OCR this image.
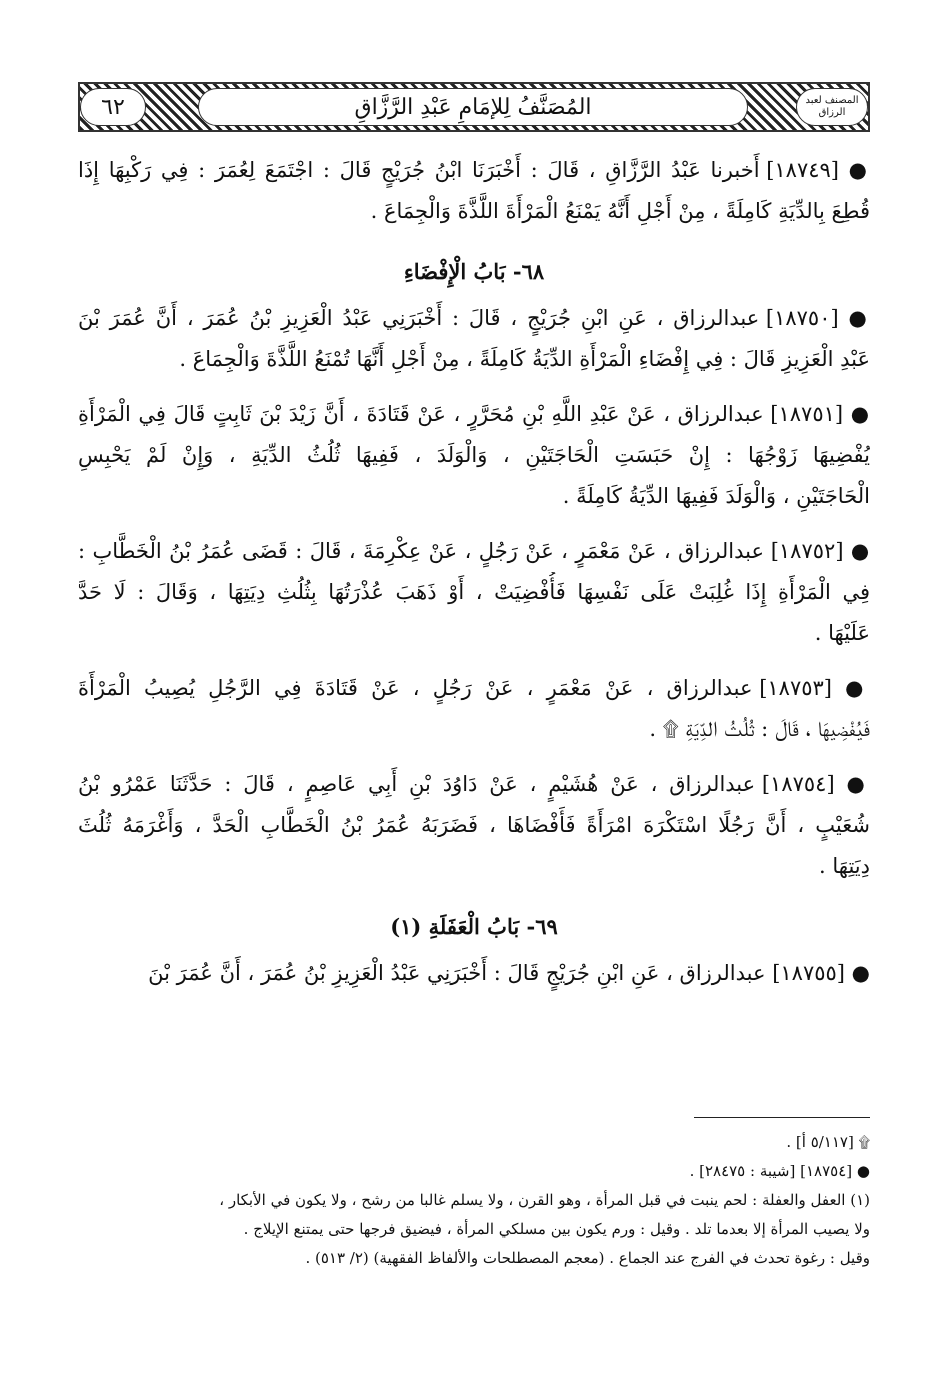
٦٢	المُصَنَّفُ لِلإمَامِ عَبْدِ الرَّزَّاقِ	المصنف لعبد الرزاق
● [١٨٧٤٩] أَخبرنا عَبْدُ الرَّزَّاقِ ، قَالَ : أَخْبَرَنَا ابْنُ جُرَيْجٍ قَالَ : اجْتَمَعَ لِعُمَرَ : فِي رَكْبِهَا إِذَا
قُطِعَ بِالدِّيَةِ كَامِلَةً ، مِنْ أَجْلِ أَنَّهُ يَمْنَعُ الْمَرْأَةَ اللَّذَّةَ وَالْجِمَاعَ .
٦٨- بَابُ الْإِفْضَاءِ
● [١٨٧٥٠] عبدالرزاق ، عَنِ ابْنِ جُرَيْجٍ ، قَالَ : أَخْبَرَنِي عَبْدُ الْعَزِيزِ بْنُ عُمَرَ ، أَنَّ عُمَرَ بْنَ
عَبْدِ الْعَزِيزِ قَالَ : فِي إِفْضَاءِ الْمَرْأَةِ الدِّيَةُ كَامِلَةً ، مِنْ أَجْلِ أَنَّهَا تُمْنَعُ اللَّذَّةَ وَالْجِمَاعَ .
● [١٨٧٥١] عبدالرزاق ، عَنْ عَبْدِ اللَّهِ بْنِ مُحَرَّرٍ ، عَنْ قَتَادَةَ ، أَنَّ زَيْدَ بْنَ ثَابِتٍ قَالَ فِي الْمَرْأَةِ
يُفْضِيهَا زَوْجُهَا : إِنْ حَبَسَتِ الْحَاجَتَيْنِ ، وَالْوَلَدَ ، فَفِيهَا ثُلُثُ الدِّيَةِ ، وَإِنْ لَمْ يَحْبِسِ
الْحَاجَتَيْنِ ، وَالْوَلَدَ فَفِيهَا الدِّيَةُ كَامِلَةً .
● [١٨٧٥٢] عبدالرزاق ، عَنْ مَعْمَرٍ ، عَنْ رَجُلٍ ، عَنْ عِكْرِمَةَ ، قَالَ : قَضَى عُمَرُ بْنُ الْخَطَّابِ :
فِي الْمَرْأَةِ إِذَا غُلِبَتْ عَلَى نَفْسِهَا فَأُفْضِيَتْ ، أَوْ ذَهَبَ عُذْرَتُهَا بِثُلُثِ دِيَتِهَا ، وَقَالَ : لَا حَدَّ
عَلَيْهَا .
● [١٨٧٥٣] عبدالرزاق ، عَنْ مَعْمَرٍ ، عَنْ رَجُلٍ ، عَنْ قَتَادَةَ فِي الرَّجُلِ يُصِيبُ الْمَرْأَةَ
فَيُفْضِيهَا ، قَالَ : ثُلُثُ الدِّيَةِ ۩ .
● [١٨٧٥٤] عبدالرزاق ، عَنْ هُشَيْمٍ ، عَنْ دَاوُدَ بْنِ أَبِي عَاصِمٍ ، قَالَ : حَدَّثَنَا عَمْرُو بْنُ
شُعَيْبٍ ، أَنَّ رَجُلًا اسْتَكْرَهَ امْرَأَةً فَأَفْضَاهَا ، فَضَرَبَهُ عُمَرُ بْنُ الْخَطَّابِ الْحَدَّ ، وَأَغْرَمَهُ ثُلُثَ
دِيَتِهَا .
٦٩- بَابُ الْعَفَلَةِ (١)
● [١٨٧٥٥] عبدالرزاق ، عَنِ ابْنِ جُرَيْجٍ قَالَ : أَخْبَرَنِي عَبْدُ الْعَزِيزِ بْنُ عُمَرَ ، أَنَّ عُمَرَ بْنَ
۩ [٥/١١٧ أ] .
● [١٨٧٥٤] [شيبة : ٢٨٤٧٥] .
(١) العفل والعفلة : لحم ينبت في قبل المرأة ، وهو القرن ، ولا يسلم غالبا من رشح ، ولا يكون في الأبكار ،
ولا يصيب المرأة إلا بعدما تلد . وقيل : ورم يكون بين مسلكي المرأة ، فيضيق فرجها حتى يمتنع الإيلاج .
وقيل : رغوة تحدث في الفرج عند الجماع . (معجم المصطلحات والألفاظ الفقهية) (٢/ ٥١٣) .
